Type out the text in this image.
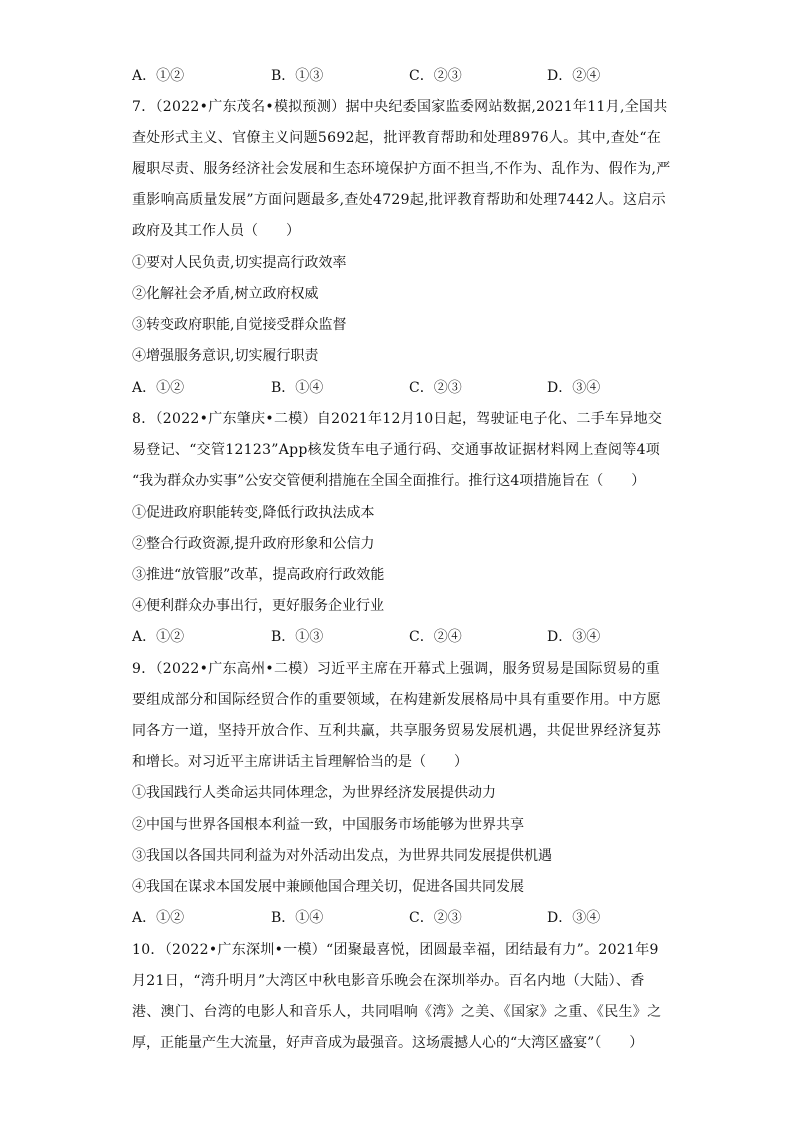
A．①②	B．①③	C．②③	D．②④
7．（2022•广东茂名•模拟预测）据中央纪委国家监委网站数据,2021年11月,全国共
查处形式主义、官僚主义问题5692起，批评教育帮助和处理8976人。其中,查处“在
履职尽责、服务经济社会发展和生态环境保护方面不担当,不作为、乱作为、假作为,严
重影响高质量发展”方面问题最多,查处4729起,批评教育帮助和处理7442人。这启示
政府及其工作人员（　　）
①要对人民负责,切实提高行政效率
②化解社会矛盾,树立政府权威
③转变政府职能,自觉接受群众监督
④增强服务意识,切实履行职责
A．①②	B．①④	C．②③	D．③④
8．（2022•广东肇庆•二模）自2021年12月10日起，驾驶证电子化、二手车异地交
易登记、“交管12123”App核发货车电子通行码、交通事故证据材料网上查阅等4项
“我为群众办实事”公安交管便利措施在全国全面推行。推行这4项措施旨在（　　）
①促进政府职能转变,降低行政执法成本
②整合行政资源,提升政府形象和公信力
③推进“放管服”改革，提高政府行政效能
④便利群众办事出行，更好服务企业行业
A．①②	B．①③	C．②④	D．③④
9．（2022•广东高州•二模）习近平主席在开幕式上强调，服务贸易是国际贸易的重
要组成部分和国际经贸合作的重要领域，在构建新发展格局中具有重要作用。中方愿
同各方一道，坚持开放合作、互利共赢，共享服务贸易发展机遇，共促世界经济复苏
和增长。对习近平主席讲话主旨理解恰当的是（　　）
①我国践行人类命运共同体理念，为世界经济发展提供动力
②中国与世界各国根本利益一致，中国服务市场能够为世界共享
③我国以各国共同利益为对外活动出发点，为世界共同发展提供机遇
④我国在谋求本国发展中兼顾他国合理关切，促进各国共同发展
A．①②	B．①④	C．②③	D．③④
10．（2022•广东深圳•一模）“团聚最喜悦，团圆最幸福，团结最有力”。2021年9
月21日，“湾升明月”大湾区中秋电影音乐晚会在深圳举办。百名内地（大陆）、香
港、澳门、台湾的电影人和音乐人，共同唱响《湾》之美、《国家》之重、《民生》之
厚，正能量产生大流量，好声音成为最强音。这场震撼人心的“大湾区盛宴”（　　）
